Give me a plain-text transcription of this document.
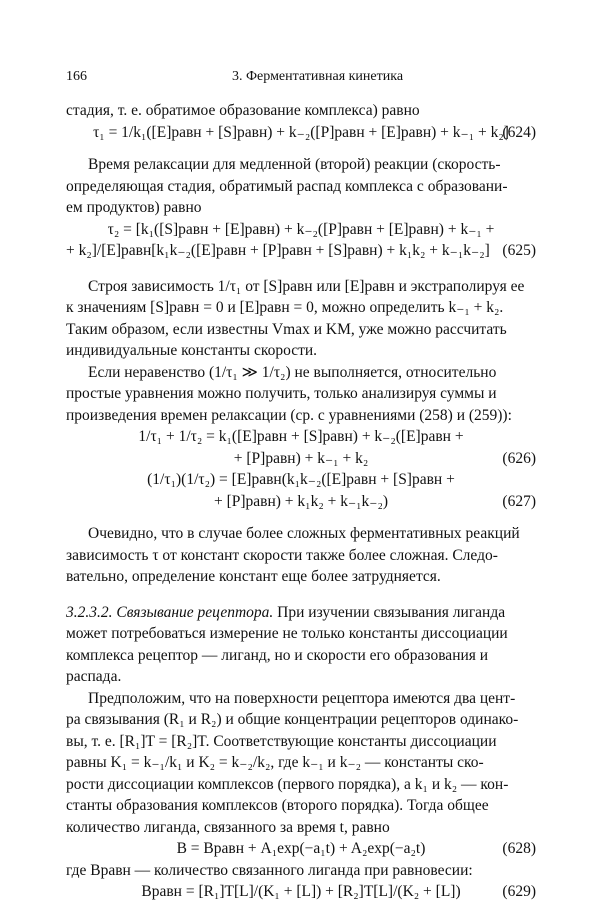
166	3. Ферментативная кинетика

стадия, т. е. обратимое образование комплекса) равно

τ₁ = 1/k₁([E]равн + [S]равн) + k₋₂([P]равн + [E]равн) + k₋₁ + k₂]
(624)

Время релаксации для медленной (второй) реакции (скорость-

определяющая стадия, обратимый распад комплекса с образовани-

ем продуктов) равно

τ₂ = [k₁([S]равн + [E]равн) + k₋₂([P]равн + [E]равн) + k₋₁ +
+ k₂]/[E]равн[k₁k₋₂([E]равн + [P]равн + [S]равн) + k₁k₂ + k₋₁k₋₂] (625)

Строя зависимость 1/τ₁ от [S]равн или [E]равн и экстраполируя ее

к значениям [S]равн = 0 и [E]равн = 0, можно определить k₋₁ + k₂.

Таким образом, если известны Vmax и KM, уже можно рассчитать

индивидуальные константы скорости.

Если неравенство (1/τ₁ ≫ 1/τ₂) не выполняется, относительно

простые уравнения можно получить, только анализируя суммы и

произведения времен релаксации (ср. с уравнениями (258) и (259)):

1/τ₁ + 1/τ₂ = k₁([E]равн + [S]равн) + k₋₂([E]равн +
+ [P]равн) + k₋₁ + k₂	(626)
(1/τ₁)(1/τ₂) = [E]равн(k₁k₋₂([E]равн + [S]равн +
+ [P]равн) + k₁k₂ + k₋₁k₋₂)	(627)

Очевидно, что в случае более сложных ферментативных реакций

зависимость τ от констант скорости также более сложная. Следо-

вательно, определение констант еще более затрудняется.

3.2.3.2. Связывание рецептора. При изучении связывания лиганда

может потребоваться измерение не только константы диссоциации

комплекса рецептор — лиганд, но и скорости его образования и

распада.

Предположим, что на поверхности рецептора имеются два цент-

ра связывания (R₁ и R₂) и общие концентрации рецепторов одинако-

вы, т. е. [R₁]T = [R₂]T. Соответствующие константы диссоциации

равны K₁ = k₋₁/k₁ и K₂ = k₋₂/k₂, где k₋₁ и k₋₂ — константы ско-

рости диссоциации комплексов (первого порядка), а k₁ и k₂ — кон-

станты образования комплексов (второго порядка). Тогда общее

количество лиганда, связанного за время t, равно

B = Bравн + A₁exp(−a₁t) + A₂exp(−a₂t)	(628)

где Bравн — количество связанного лиганда при равновесии:

Bравн = [R₁]T[L]/(K₁ + [L]) + [R₂]T[L]/(K₂ + [L])	(629)
